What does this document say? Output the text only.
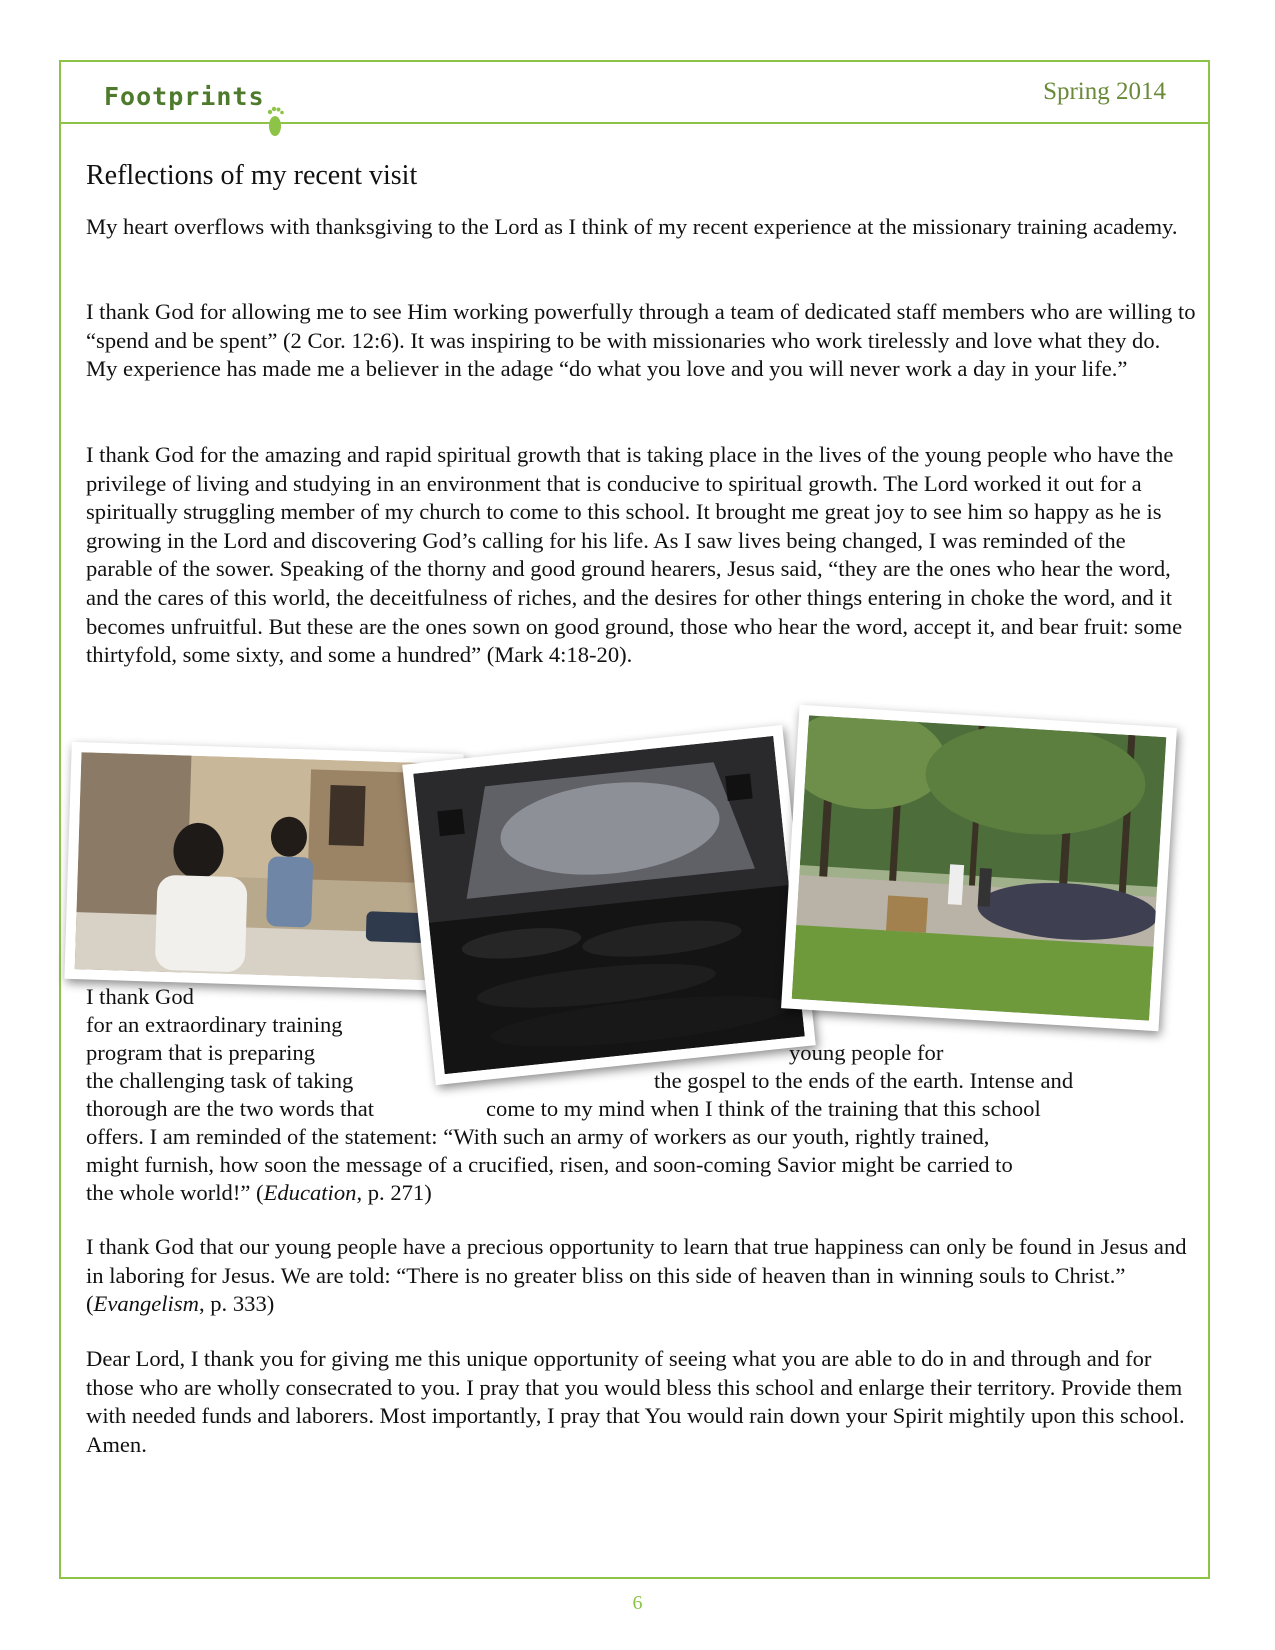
Footprints	Spring 2014
Reflections of my recent visit

My heart overflows with thanksgiving to the Lord as I think of my recent experience at the missionary training academy.

I thank God for allowing me to see Him working powerfully through a team of dedicated staff members who are willing to “spend and be spent” (2 Cor. 12:6). It was inspiring to be with missionaries who work tirelessly and love what they do. My experience has made me a believer in the adage “do what you love and you will never work a day in your life.”

I thank God for the amazing and rapid spiritual growth that is taking place in the lives of the young people who have the privilege of living and studying in an environment that is conducive to spiritual growth. The Lord worked it out for a spiritually struggling member of my church to come to this school. It brought me great joy to see him so happy as he is growing in the Lord and discovering God’s calling for his life. As I saw lives being changed, I was reminded of the parable of the sower. Speaking of the thorny and good ground hearers, Jesus said, “they are the ones who hear the word, and the cares of this world, the deceitfulness of riches, and the desires for other things entering in choke the word, and it becomes unfruitful. But these are the ones sown on good ground, those who hear the word, accept it, and bear fruit: some thirtyfold, some sixty, and some a hundred” (Mark 4:18-20).

I thank God
for an extraordinary training
program that is preparing	young people for
the challenging task of taking	the gospel to the ends of the earth. Intense and
thorough are the two words that	come to my mind when I think of the training that this school
offers. I am reminded of the statement: “With such an army of workers as our youth, rightly trained,
might furnish, how soon the message of a crucified, risen, and soon-coming Savior might be carried to
the whole world!” (Education, p. 271)

I thank God that our young people have a precious opportunity to learn that true happiness can only be found in Jesus and in laboring for Jesus. We are told: “There is no greater bliss on this side of heaven than in winning souls to Christ.” (Evangelism, p. 333)

Dear Lord, I thank you for giving me this unique opportunity of seeing what you are able to do in and through and for those who are wholly consecrated to you. I pray that you would bless this school and enlarge their territory. Provide them with needed funds and laborers. Most importantly, I pray that You would rain down your Spirit mightily upon this school. Amen.

6
